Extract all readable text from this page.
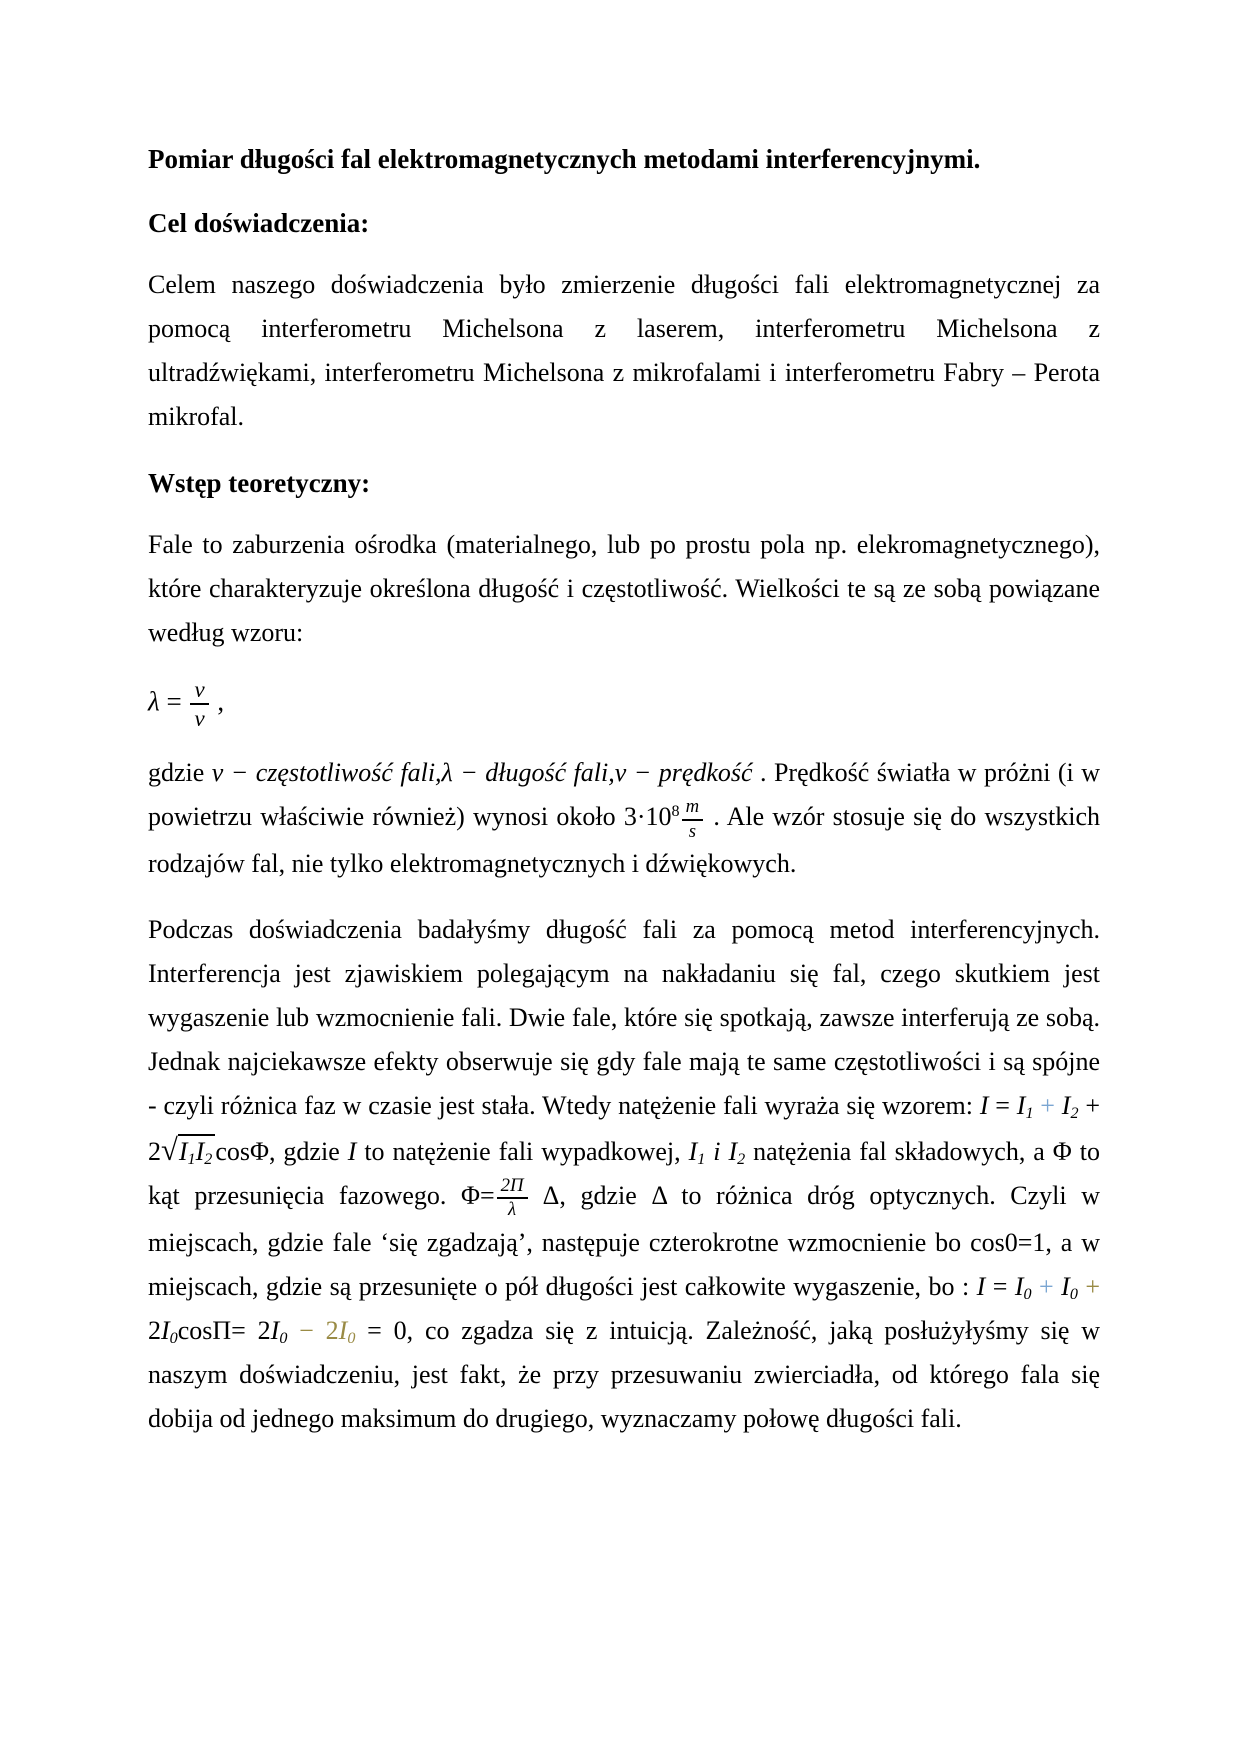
Pomiar długości fal elektromagnetycznych metodami interferencyjnymi.
Cel doświadczenia:
Celem naszego doświadczenia było zmierzenie długości fali elektromagnetycznej za pomocą interferometru Michelsona z laserem, interferometru Michelsona z ultradźwiękami, interferometru Michelsona z mikrofalami i interferometru Fabry – Perota mikrofal.
Wstęp teoretyczny:
Fale to zaburzenia ośrodka (materialnego, lub po prostu pola np. elekromagnetycznego), które charakteryzuje określona długość i częstotliwość. Wielkości te są ze sobą powiązane według wzoru:
$\lambda = \frac{v}{\nu}$ ,
gdzie ν − częstotliwość fali,λ − długość fali,v − prędkość . Prędkość światła w próżni (i w powietrzu właściwie również) wynosi około $3\cdot 10^8 \frac{m}{s}$ . Ale wzór stosuje się do wszystkich rodzajów fal, nie tylko elektromagnetycznych i dźwiękowych.
Podczas doświadczenia badałyśmy długość fali za pomocą metod interferencyjnych. Interferencja jest zjawiskiem polegającym na nakładaniu się fal, czego skutkiem jest wygaszenie lub wzmocnienie fali. Dwie fale, które się spotkają, zawsze interferują ze sobą. Jednak najciekawsze efekty obserwuje się gdy fale mają te same częstotliwości i są spójne - czyli różnica faz w czasie jest stała. Wtedy natężenie fali wyraża się wzorem: $I = I_1 + I_2 + 2√I_1I_2$ cosΦ, gdzie I to natężenie fali wypadkowej, $I_1$ i $I_2$ natężenia fal składowych, a Φ to kąt przesunięcia fazowego. $\Phi= \frac{2\Pi}{\lambda} \Delta$, gdzie Δ to różnica dróg optycznych. Czyli w miejscach, gdzie fale ‘się zgadzają’, następuje czterokrotne wzmocnienie bo cos0=1, a w miejscach, gdzie są przesunięte o pół długości jest całkowite wygaszenie, bo : $I = I_0 + I_0 + 2I_0\cos\Pi= 2I_0 - 2I_0 = 0$, co zgadza się z intuicją. Zależność, jaką posłużyłyśmy się w naszym doświadczeniu, jest fakt, że przy przesuwaniu zwierciadła, od którego fala się dobija od jednego maksimum do drugiego, wyznaczamy połowę długości fali.
